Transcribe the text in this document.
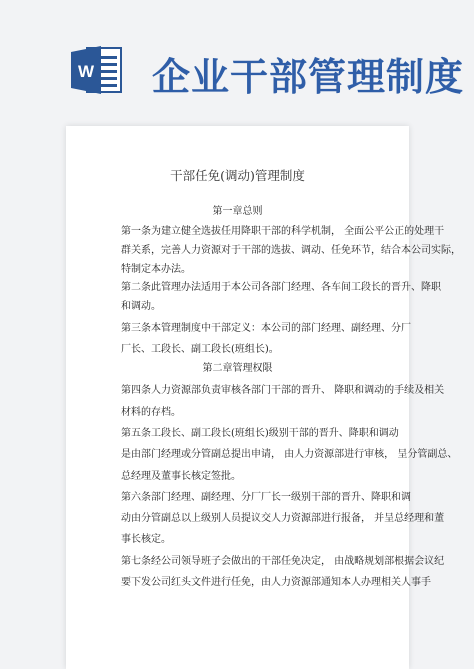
W 企业干部管理制度
干部任免(调动)管理制度
第一章总则
第一条为建立健全选拔任用降职干部的科学机制， 全面公平公正的处理干
群关系，完善人力资源对于干部的选拔、调动、任免环节，结合本公司实际，
特制定本办法。
第二条此管理办法适用于本公司各部门经理、各车间工段长的晋升、降职
和调动。
第三条本管理制度中干部定义：本公司的部门经理、副经理、分厂
厂长、工段长、副工段长(班组长)。
第二章管理权限
第四条人力资源部负责审核各部门干部的晋升、 降职和调动的手续及相关
材料的存档。
第五条工段长、副工段长(班组长)级别干部的晋升、降职和调动
是由部门经理或分管副总提出申请， 由人力资源部进行审核， 呈分管副总、
总经理及董事长核定签批。
第六条部门经理、副经理、分厂厂长一级别干部的晋升、降职和调
动由分管副总以上级别人员提议交人力资源部进行报备， 并呈总经理和董
事长核定。
第七条经公司领导班子会做出的干部任免决定， 由战略规划部根据会议纪
要下发公司红头文件进行任免，由人力资源部通知本人办理相关人事手
